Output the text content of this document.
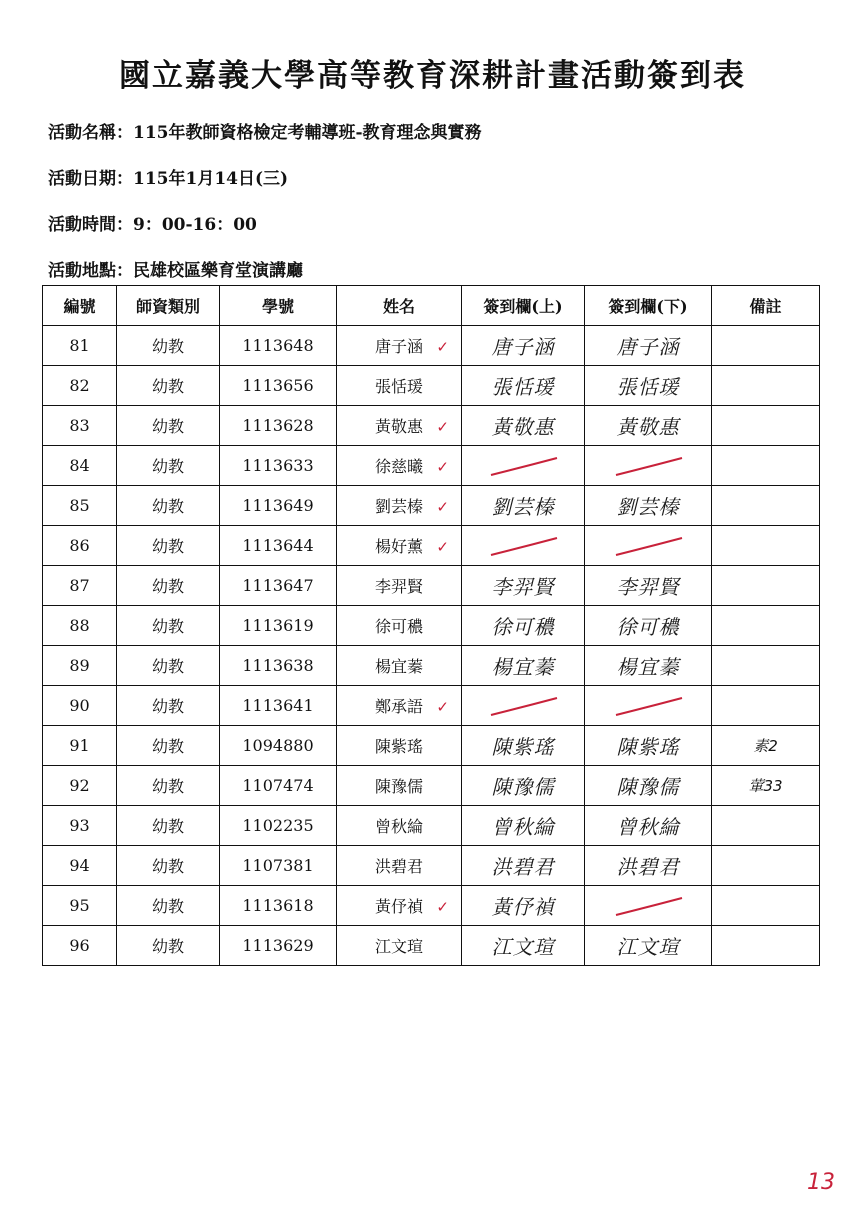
國立嘉義大學高等教育深耕計畫活動簽到表
活動名稱：115年教師資格檢定考輔導班-教育理念與實務
活動日期：115年1月14日(三)
活動時間：9：00-16：00
活動地點：民雄校區樂育堂演講廳
編號	師資類別	學號	姓名	簽到欄(上)	簽到欄(下)	備註
81	幼教	1113648	唐子涵 ✓	唐子涵	唐子涵	
82	幼教	1113656	張恬瑗	張恬瑗	張恬瑗	
83	幼教	1113628	黃敬惠 ✓	黃敬惠	黃敬惠	
84	幼教	1113633	徐慈曦 ✓

85	幼教	1113649	劉芸榛 ✓	劉芸榛	劉芸榛	
86	幼教	1113644	楊好薰 ✓

87	幼教	1113647	李羿賢	李羿賢	李羿賢	
88	幼教	1113619	徐可穠	徐可穠	徐可穠	
89	幼教	1113638	楊宜蓁	楊宜蓁	楊宜蓁	
90	幼教	1113641	鄭承語 ✓

91	幼教	1094880	陳紫瑤	陳紫瑤	陳紫瑤	素2
92	幼教	1107474	陳豫儒	陳豫儒	陳豫儒	葷33
93	幼教	1102235	曾秋綸	曾秋綸	曾秋綸	
94	幼教	1107381	洪碧君	洪碧君	洪碧君	
95	幼教	1113618	黃伃禎 ✓	黃伃禎	

96	幼教	1113629	江文瑄	江文瑄	江文瑄	
13
